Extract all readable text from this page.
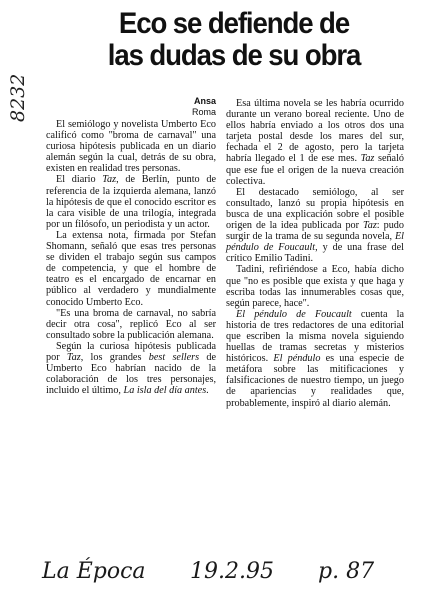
Eco se defiende de
las dudas de su obra
8232	Ansa
Roma

El semiólogo y novelista Umberto Eco calificó como "broma de carnaval" una curiosa hipótesis publicada en un diario alemán según la cual, detrás de su obra, existen en realidad tres personas.

El diario Taz, de Berlín, punto de referencia de la izquierda alemana, lanzó la hipótesis de que el conocido escritor es la cara visible de una trilogía, integrada por un filósofo, un periodista y un actor.

La extensa nota, firmada por Stefan Shomann, señaló que esas tres personas se dividen el trabajo según sus campos de competencia, y que el hombre de teatro es el encargado de encarnar en público al verdadero y mundialmente conocido Umberto Eco.

"Es una broma de carnaval, no sabría decir otra cosa", replicó Eco al ser consultado sobre la publicación alemana.

Según la curiosa hipótesis publicada por Taz, los grandes best sellers de Umberto Eco habrían nacido de la colaboración de los tres personajes, incluido el último, La isla del día antes.

Esa última novela se les habría ocurrido durante un verano boreal reciente. Uno de ellos habría enviado a los otros dos una tarjeta postal desde los mares del sur, fechada el 2 de agosto, pero la tarjeta habría llegado el 1 de ese mes. Taz señaló que ese fue el origen de la nueva creación colectiva.

El destacado semiólogo, al ser consultado, lanzó su propia hipótesis en busca de una explicación sobre el posible origen de la idea publicada por Taz: pudo surgir de la trama de su segunda novela, El péndulo de Foucault, y de una frase del crítico Emilio Tadini.

Tadini, refiriéndose a Eco, había dicho que "no es posible que exista y que haga y escriba todas las innumerables cosas que, según parece, hace".

El péndulo de Foucault cuenta la historia de tres redactores de una editorial que escriben la misma novela siguiendo huellas de tramas secretas y misterios históricos. El péndulo es una especie de metáfora sobre las mitificaciones y falsificaciones de nuestro tiempo, un juego de apariencias y realidades que, probablemente, inspiró al diario alemán.

La Época 19.2.95 p. 87
